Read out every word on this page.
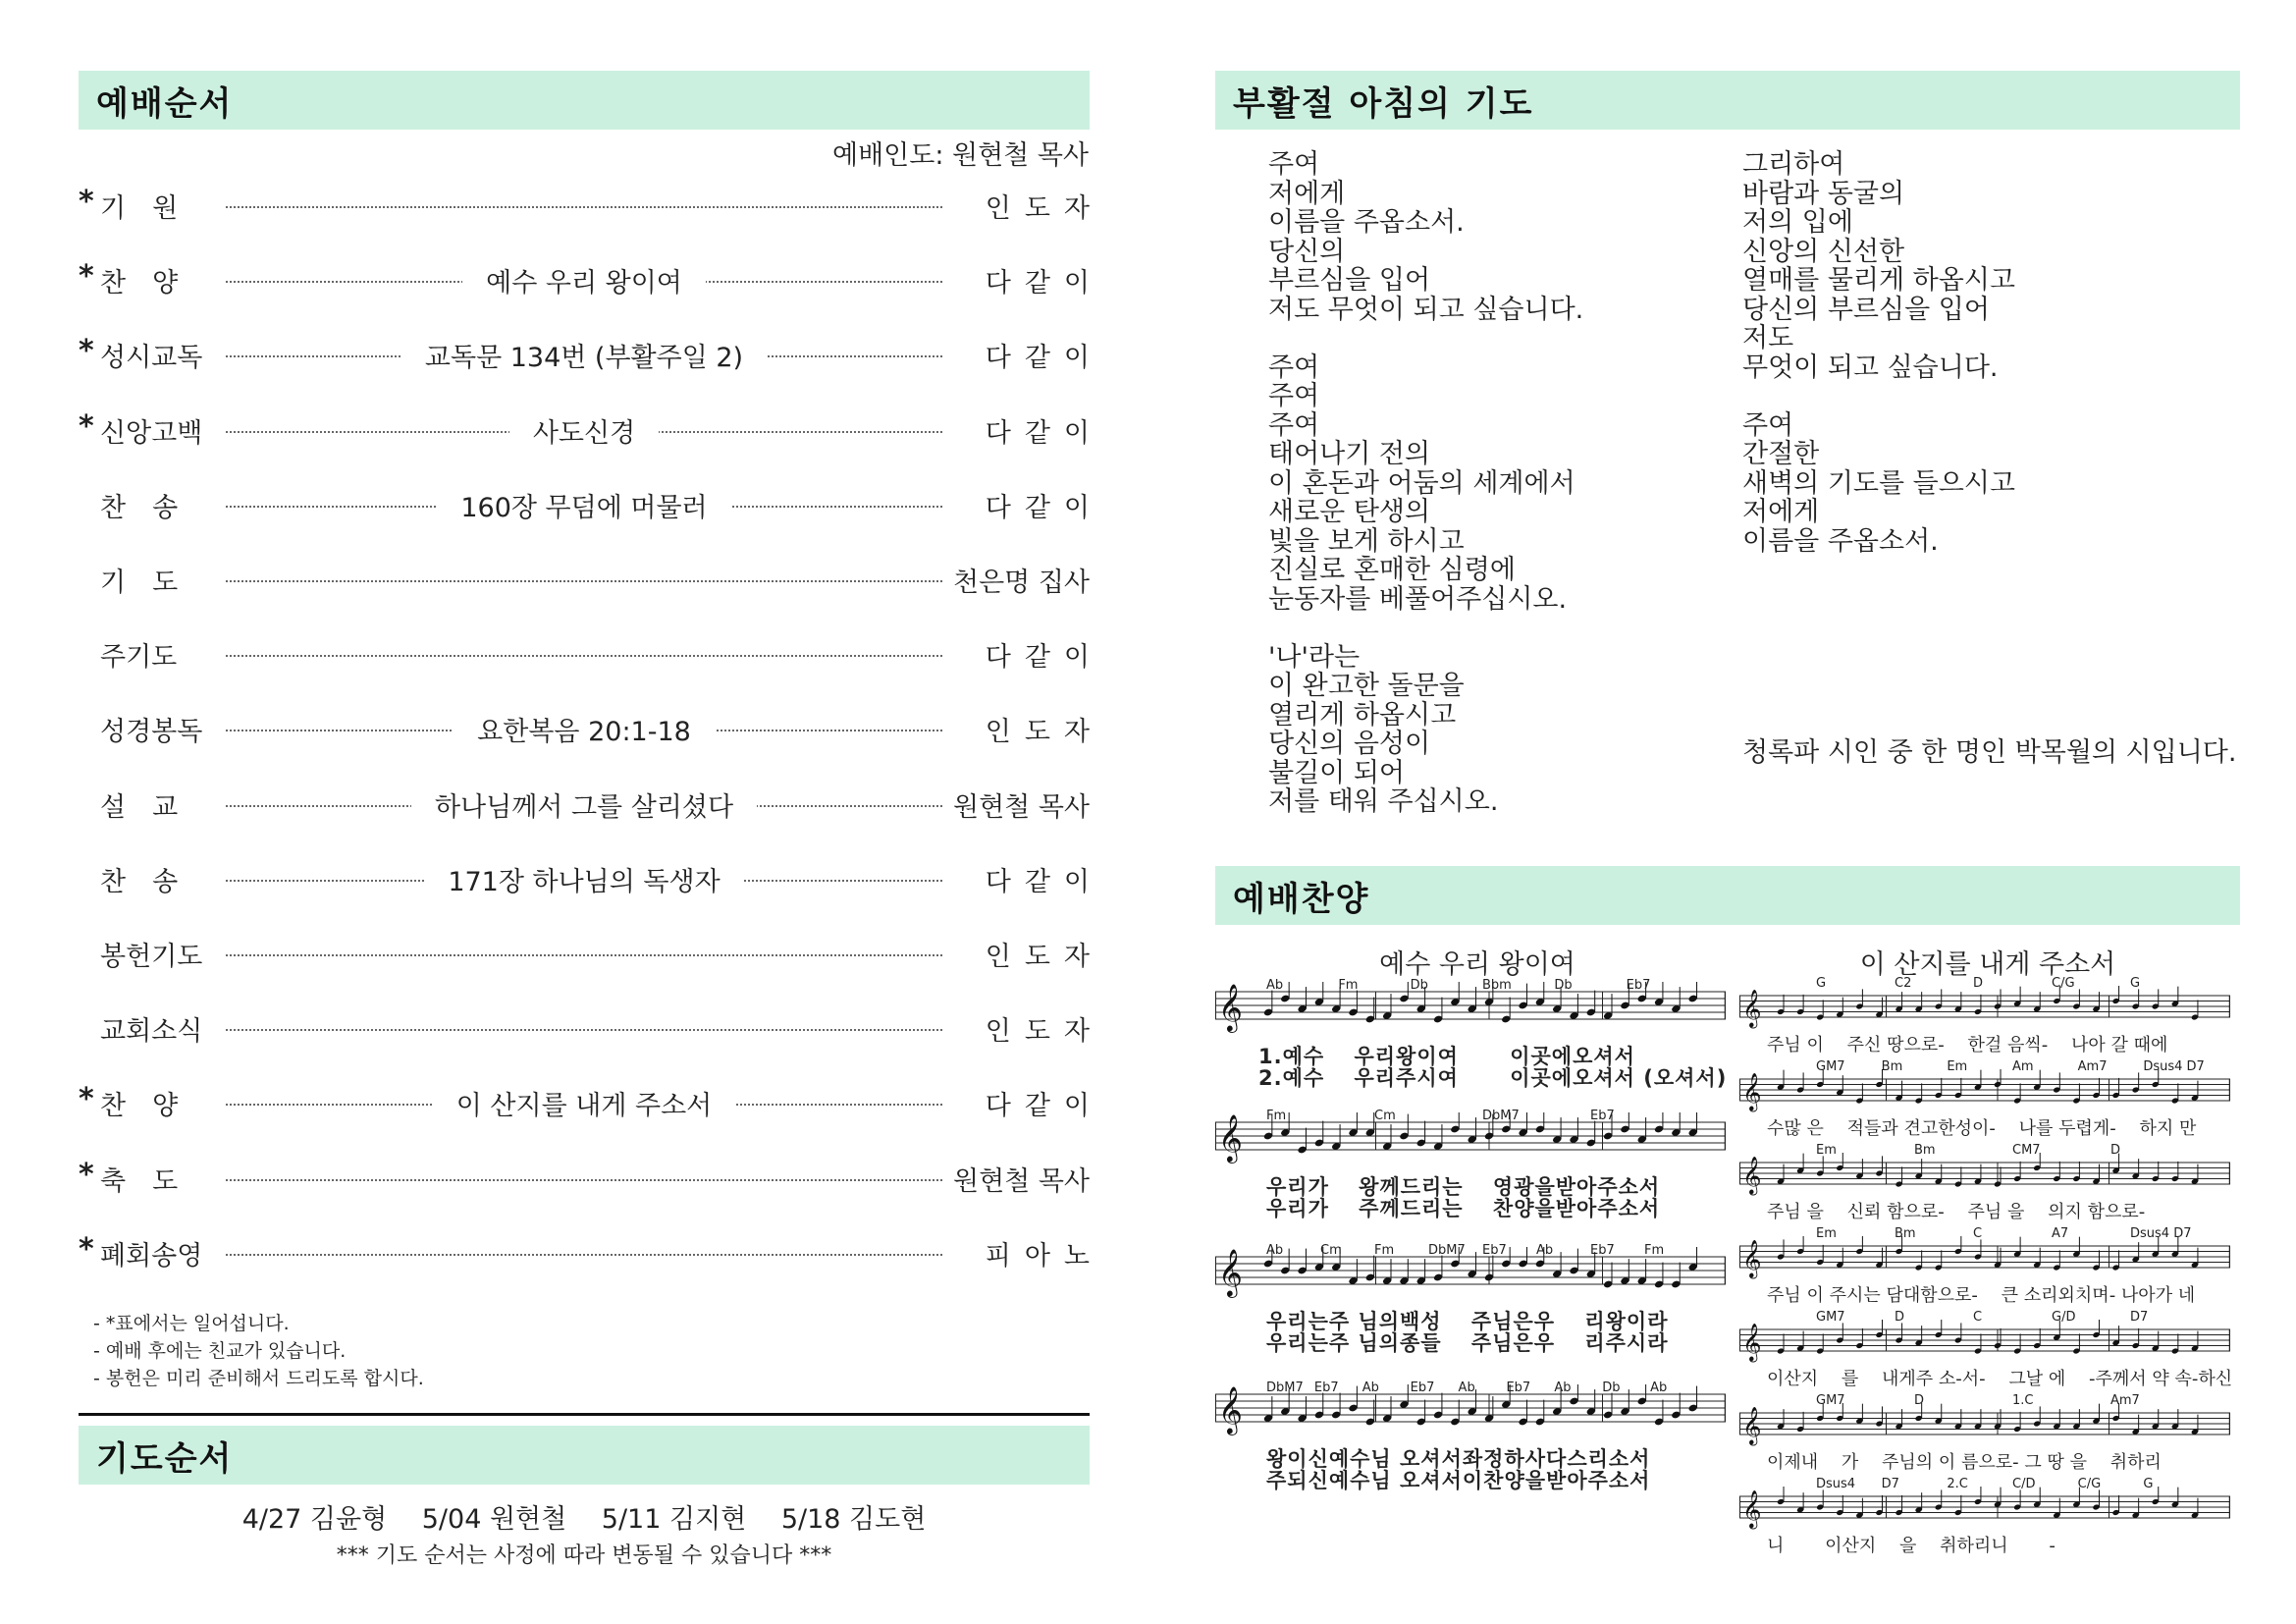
예배순서
예배인도: 원현철 목사
* 기　원	인도자
* 찬　양	예수 우리 왕이여	다같이
* 성시교독	교독문 134번 (부활주일 2)	다같이
* 신앙고백	사도신경	다같이
찬　송	160장 무덤에 머물러	다같이
기　도	천은명 집사
주기도	다같이
성경봉독	요한복음 20:1-18	인도자
설　교	하나님께서 그를 살리셨다	원현철 목사
찬　송	171장 하나님의 독생자	다같이
봉헌기도	인도자
교회소식	인도자
* 찬　양	이 산지를 내게 주소서	다같이
* 축　도	원현철 목사
* 폐회송영	피아노
- *표에서는 일어섭니다.
- 예배 후에는 친교가 있습니다.
- 봉헌은 미리 준비해서 드리도록 합시다.
기도순서
4/27 김윤형　 5/04 원현철　 5/11 김지현　 5/18 김도현
*** 기도 순서는 사정에 따라 변동될 수 있습니다 ***
부활절 아침의 기도
주여
저에게
이름을 주옵소서.
당신의
부르심을 입어
저도 무엇이 되고 싶습니다.
주여
주여
주여
태어나기 전의
이 혼돈과 어둠의 세계에서
새로운 탄생의
빛을 보게 하시고
진실로 혼매한 심령에
눈동자를 베풀어주십시오.
'나'라는
이 완고한 돌문을
열리게 하옵시고
당신의 음성이
불길이 되어
저를 태워 주십시오.
그리하여
바람과 동굴의
저의 입에
신앙의 신선한
열매를 물리게 하옵시고
당신의 부르심을 입어
저도
무엇이 되고 싶습니다.
주여
간절한
새벽의 기도를 들으시고
저에게
이름을 주옵소서.
청록파 시인 중 한 명인 박목월의 시입니다.
예배찬양
예수 우리 왕이여	이 산지를 내게 주소서
𝄞 Ab	Fm	Db	Bbm	Db	Eb7
1.예수　 우리왕이여　　 이곳에오셔서
2.예수　 우리주시여　　 이곳에오셔서 (오셔서)
𝄞 Fm	Cm	DbM7	Eb7
우리가　 왕께드리는　 영광을받아주소서
우리가　 주께드리는　 찬양을받아주소서
𝄞 Ab	Cm	Fm	DbM7 Eb7 Ab	Eb7 Fm
우리는주 님의백성　 주님은우　 리왕이라
우리는주 님의종들　 주님은우　 리주시라
𝄞 DbM7 Eb7 Ab Eb7 Ab Eb7 Ab Db Ab
왕이신예수님 오셔서좌정하사다스리소서
주되신예수님 오셔서이찬양을받아주소서
𝄞
G	C2	D	C/G	G
주님 이　 주신 땅으로-　 한걸 음씩-　 나아 갈 때에
𝄞
GM7	Bm	Em	Am	Am7	Dsus4 D7
수많 은　 적들과 견고한성이-　 나를 두렵게-　 하지 만
𝄞
Em	Bm	CM7	D
주님 을　 신뢰 함으로-　 주님 을　 의지 함으로-
𝄞
Em	Bm	C	A7	Dsus4 D7
주님 이 주시는 담대함으로-　 큰 소리외치며- 나아가 네
𝄞
GM7	D	C	G/D	D7
이산지　 를　 내게주 소-서-　 그날 에　 -주께서 약 속-하신
𝄞
GM7	D	1.C	Am7
이제내　 가　 주님의 이 름으로- 그 땅 을　 취하리
𝄞
Dsus4 D7	2.C	C/D	C/G	G
니　　 이산지　 을　 취하리니　　 -
